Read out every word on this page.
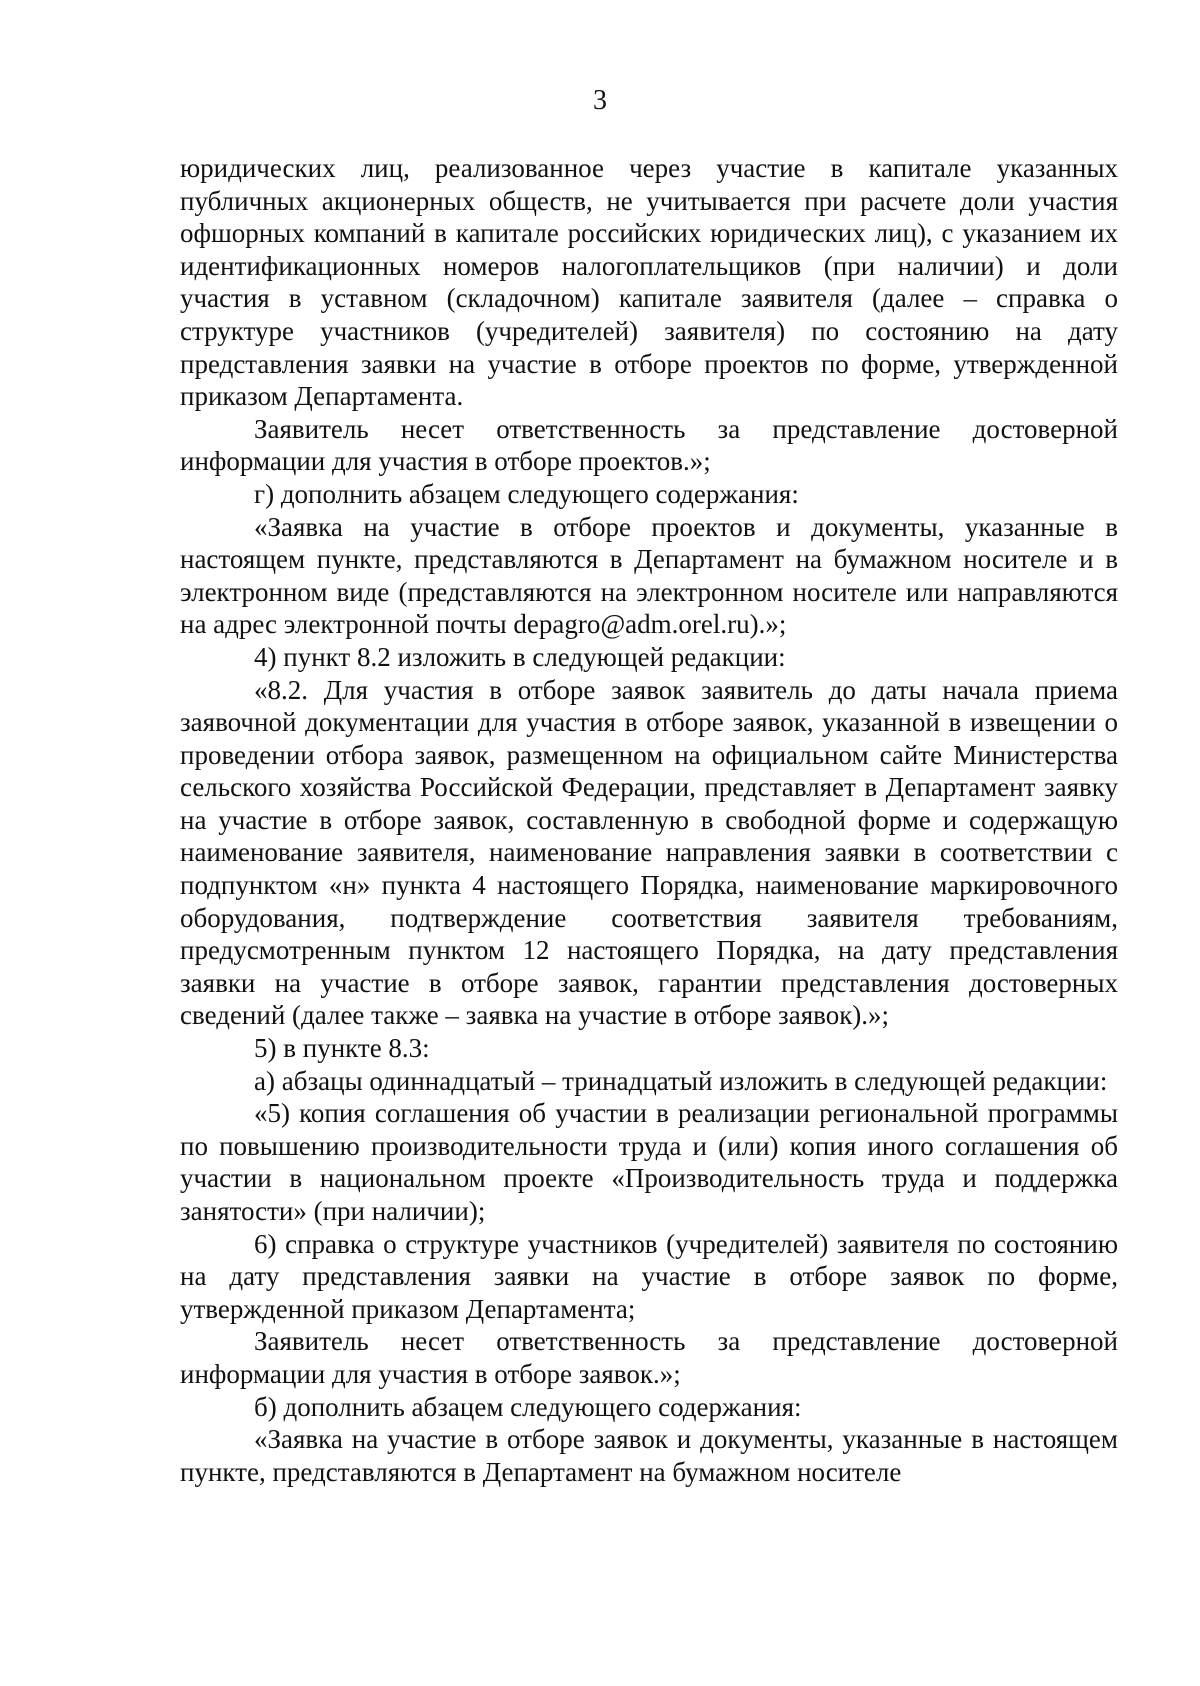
3

юридических лиц, реализованное через участие в капитале указанных публичных акционерных обществ, не учитывается при расчете доли участия офшорных компаний в капитале российских юридических лиц), с указанием их идентификационных номеров налогоплательщиков (при наличии) и доли участия в уставном (складочном) капитале заявителя (далее – справка о структуре участников (учредителей) заявителя) по состоянию на дату представления заявки на участие в отборе проектов по форме, утвержденной приказом Департамента.

Заявитель несет ответственность за представление достоверной информации для участия в отборе проектов.»;

г) дополнить абзацем следующего содержания:

«Заявка на участие в отборе проектов и документы, указанные в настоящем пункте, представляются в Департамент на бумажном носителе и в электронном виде (представляются на электронном носителе или направляются на адрес электронной почты depagro@adm.orel.ru).»;

4) пункт 8.2 изложить в следующей редакции:

«8.2. Для участия в отборе заявок заявитель до даты начала приема заявочной документации для участия в отборе заявок, указанной в извещении о проведении отбора заявок, размещенном на официальном сайте Министерства сельского хозяйства Российской Федерации, представляет в Департамент заявку на участие в отборе заявок, составленную в свободной форме и содержащую наименование заявителя, наименование направления заявки в соответствии с подпунктом «н» пункта 4 настоящего Порядка, наименование маркировочного оборудования, подтверждение соответствия заявителя требованиям, предусмотренным пунктом 12 настоящего Порядка, на дату представления заявки на участие в отборе заявок, гарантии представления достоверных сведений (далее также – заявка на участие в отборе заявок).»;

5) в пункте 8.3:

а) абзацы одиннадцатый – тринадцатый изложить в следующей редакции:

«5) копия соглашения об участии в реализации региональной программы по повышению производительности труда и (или) копия иного соглашения об участии в национальном проекте «Производительность труда и поддержка занятости» (при наличии);

6) справка о структуре участников (учредителей) заявителя по состоянию на дату представления заявки на участие в отборе заявок по форме, утвержденной приказом Департамента;

Заявитель несет ответственность за представление достоверной информации для участия в отборе заявок.»;

б) дополнить абзацем следующего содержания:

«Заявка на участие в отборе заявок и документы, указанные в настоящем пункте, представляются в Департамент на бумажном носителе
